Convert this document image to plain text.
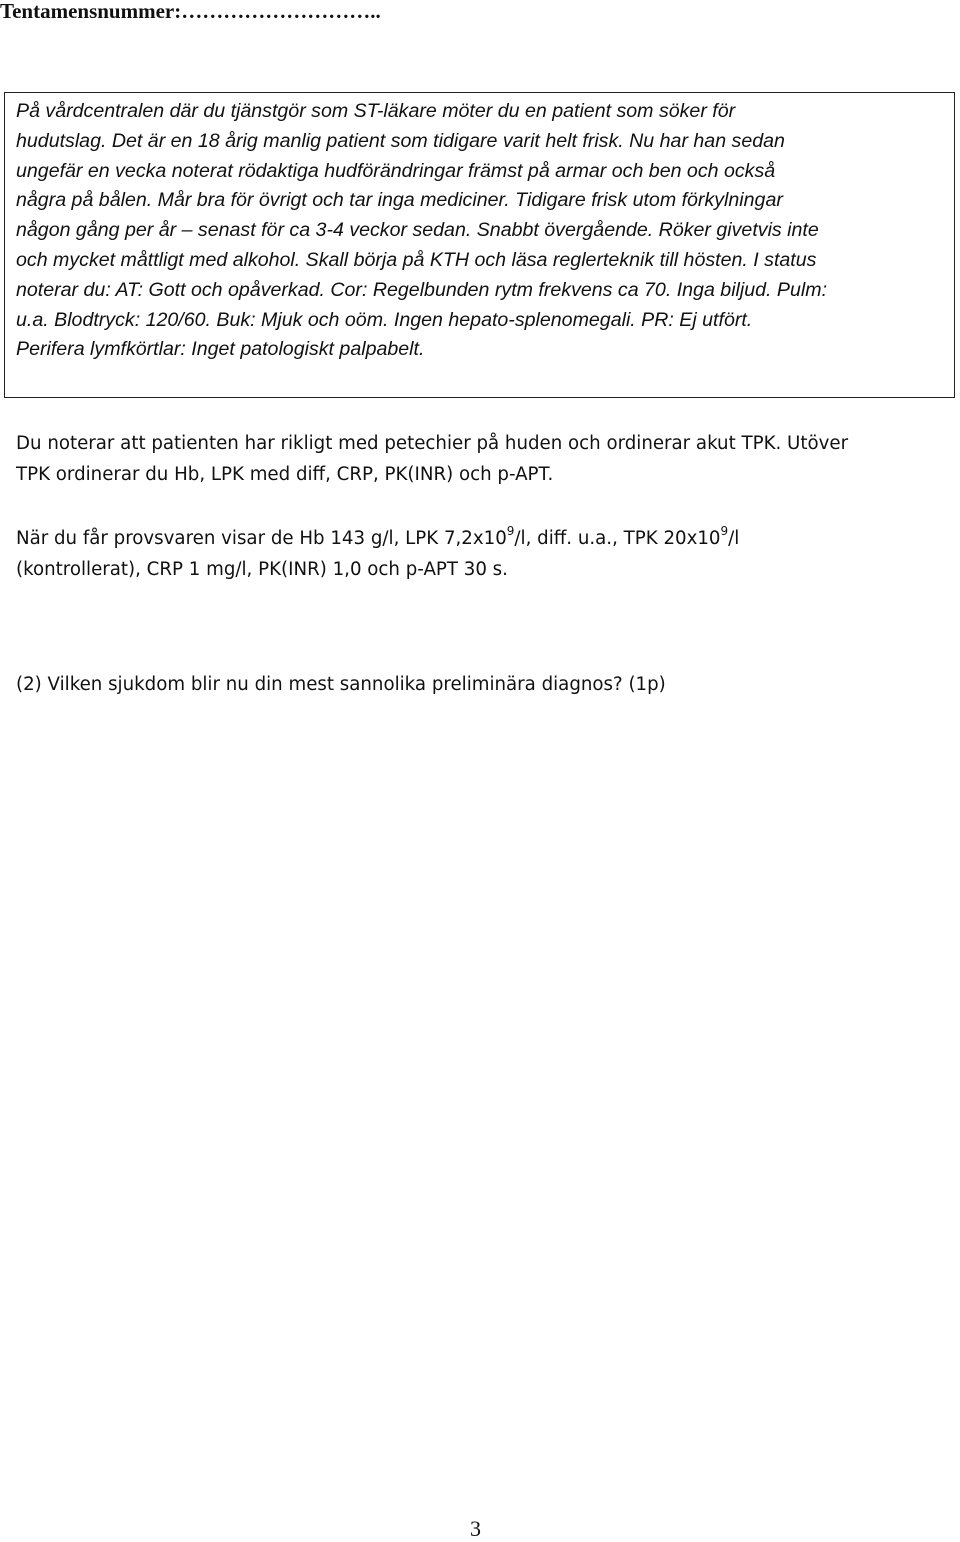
Tentamensnummer:………………………..
På vårdcentralen där du tjänstgör som ST-läkare möter du en patient som söker för
hudutslag. Det är en 18 årig manlig patient som tidigare varit helt frisk. Nu har han sedan
ungefär en vecka noterat rödaktiga hudförändringar främst på armar och ben och också
några på bålen. Mår bra för övrigt och tar inga mediciner. Tidigare frisk utom förkylningar
någon gång per år – senast för ca 3-4 veckor sedan. Snabbt övergående. Röker givetvis inte
och mycket måttligt med alkohol. Skall börja på KTH och läsa reglerteknik till hösten. I status
noterar du: AT: Gott och opåverkad. Cor: Regelbunden rytm frekvens ca 70. Inga biljud. Pulm:
u.a. Blodtryck: 120/60. Buk: Mjuk och oöm. Ingen hepato-splenomegali. PR: Ej utfört.
Perifera lymfkörtlar: Inget patologiskt palpabelt.
Du noterar att patienten har rikligt med petechier på huden och ordinerar akut TPK. Utöver
TPK ordinerar du Hb, LPK med diff, CRP, PK(INR) och p-APT.
När du får provsvaren visar de Hb 143 g/l, LPK $7,2x10^9/l$, diff. u.a., TPK $20x10^9/l$
(kontrollerat), CRP 1 mg/l, PK(INR) 1,0 och p-APT 30 s.
(2) Vilken sjukdom blir nu din mest sannolika preliminära diagnos? (1p)
3
